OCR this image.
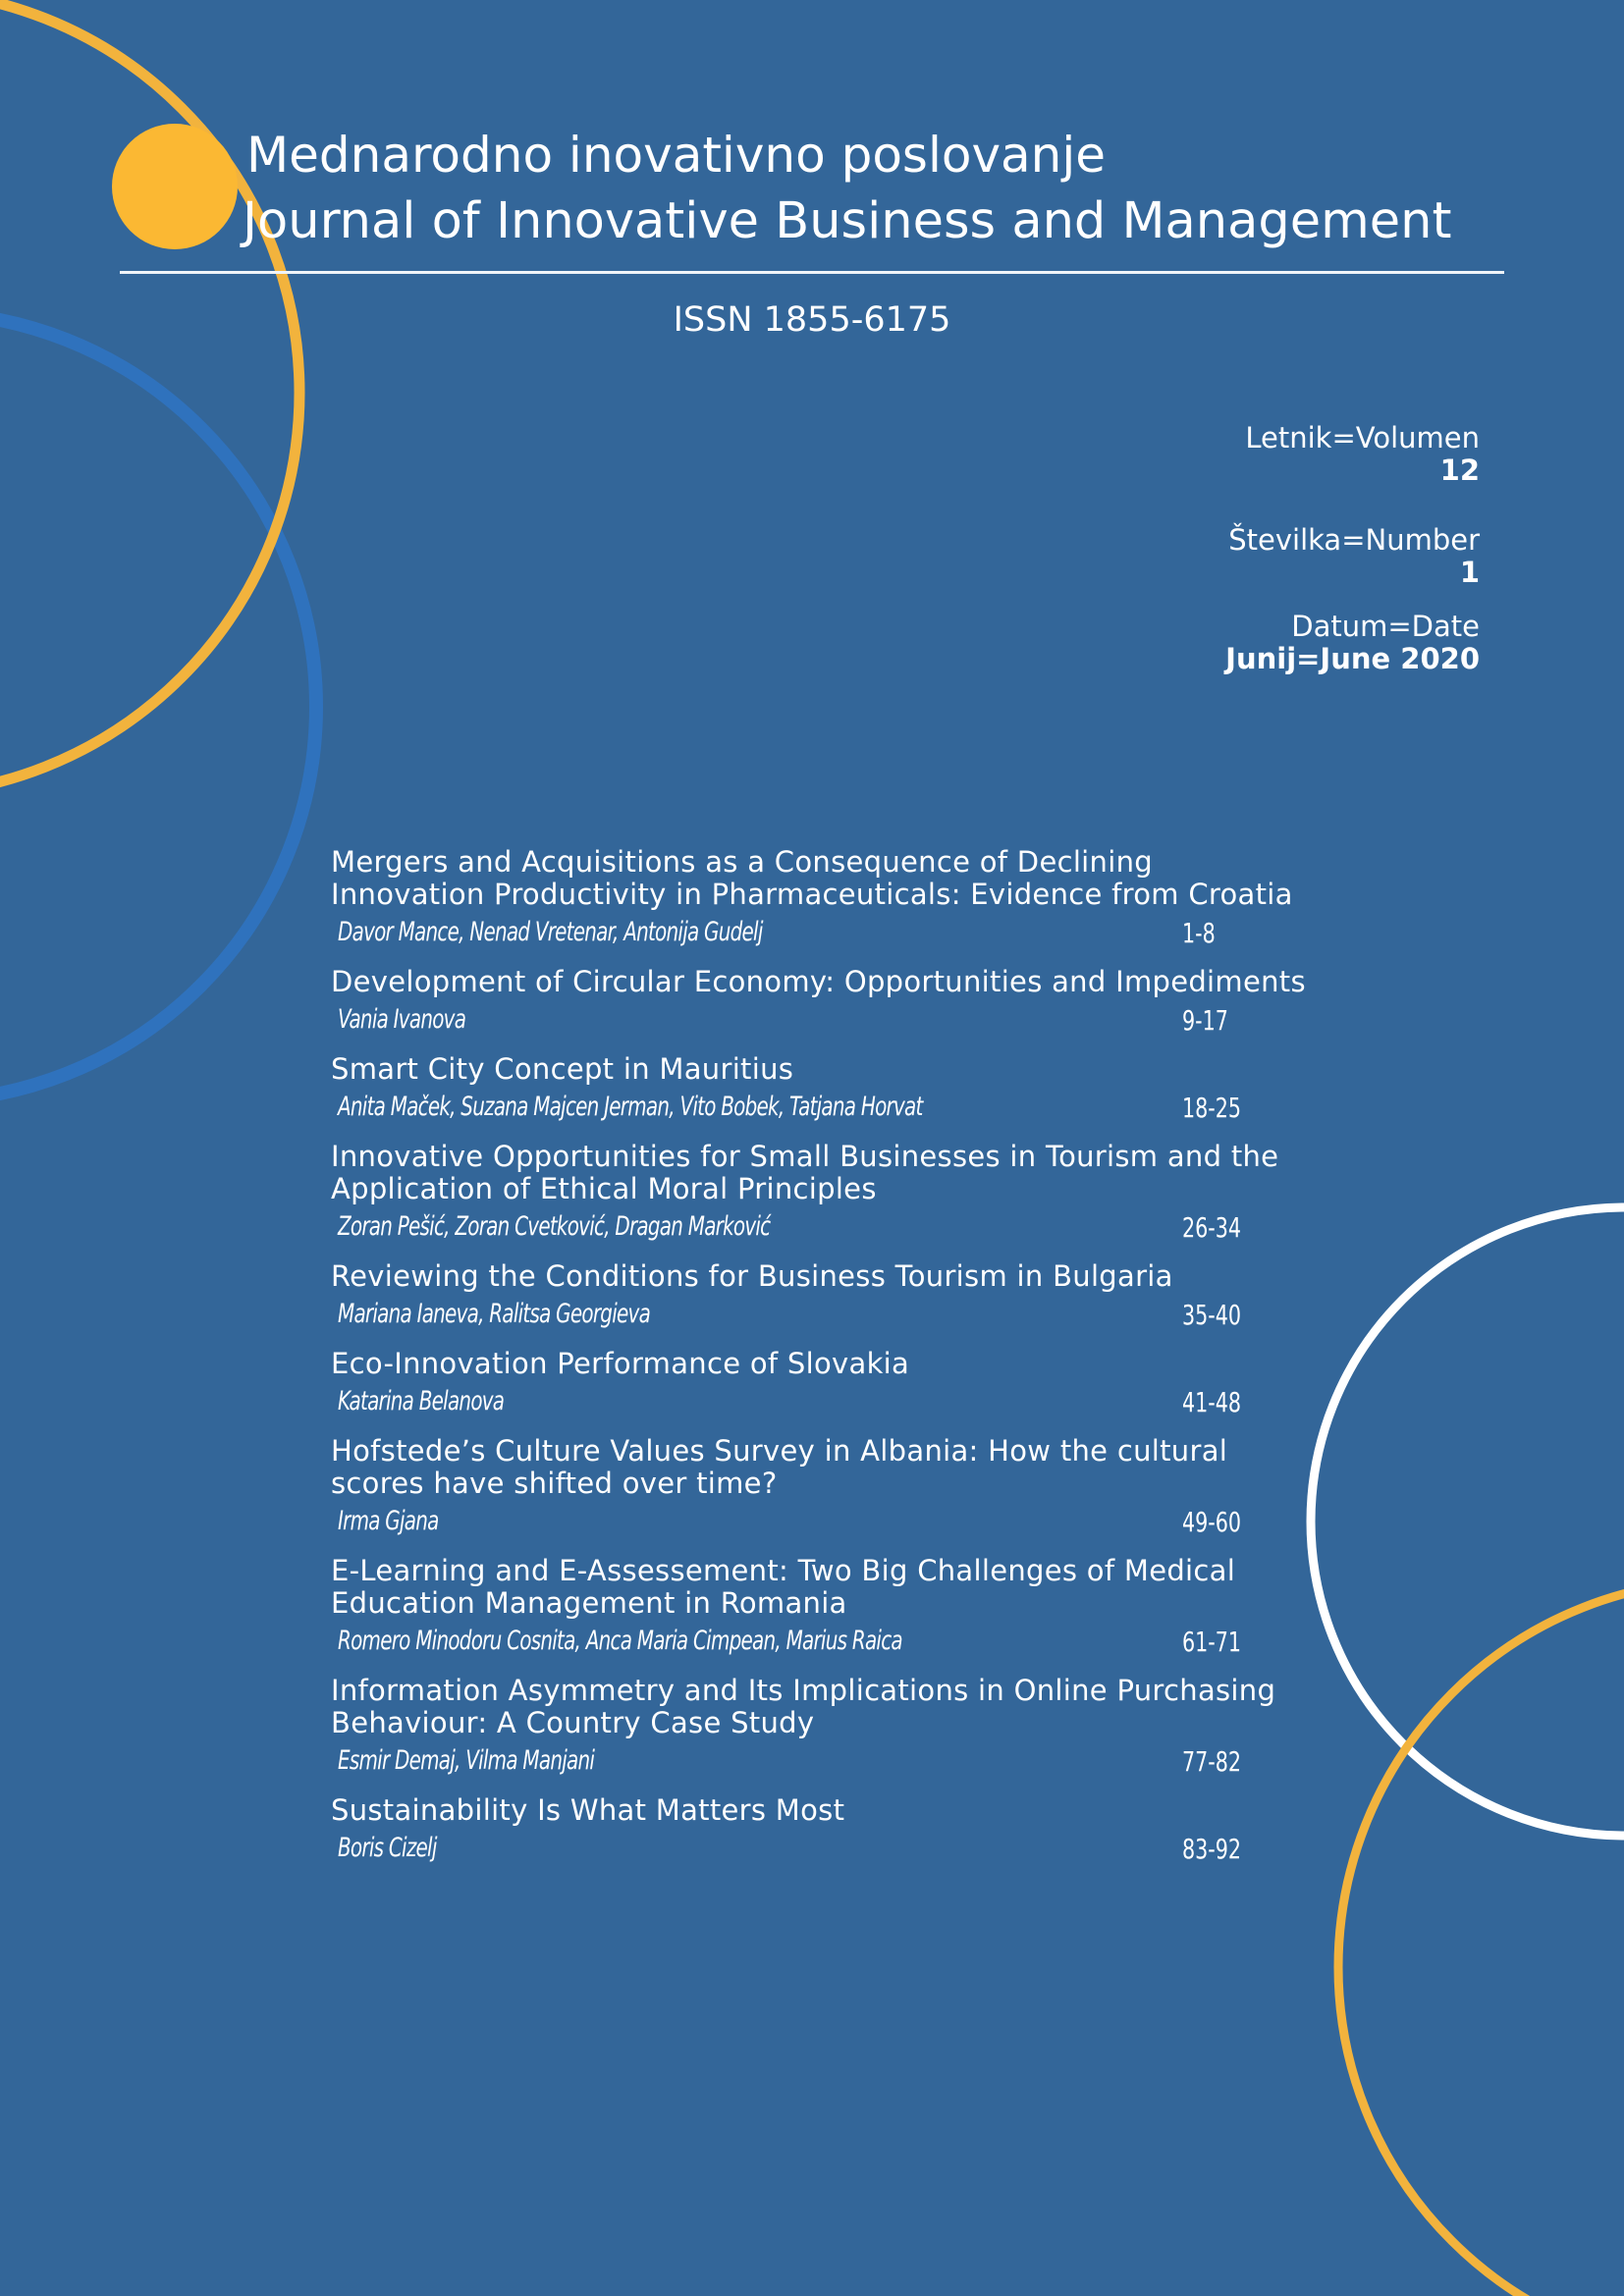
Mednarodno inovativno poslovanje
Journal of Innovative Business and Management
ISSN 1855-6175
Letnik=Volumen
12
Številka=Number
1
Datum=Date
Junij=June 2020
Mergers and Acquisitions as a Consequence of Declining Innovation Productivity in Pharmaceuticals: Evidence from Croatia
Davor Mance, Nenad Vretenar, Antonija Gudelj	1-8
Development of Circular Economy: Opportunities and Impediments
Vania Ivanova	9-17
Smart City Concept in Mauritius
Anita Maček, Suzana Majcen Jerman, Vito Bobek, Tatjana Horvat	18-25
Innovative Opportunities for Small Businesses in Tourism and the Application of Ethical Moral Principles
Zoran Pešić, Zoran Cvetković, Dragan Marković	26-34
Reviewing the Conditions for Business Tourism in Bulgaria
Mariana Ianeva, Ralitsa Georgieva	35-40
Eco-Innovation Performance of Slovakia
Katarina Belanova	41-48
Hofstede’s Culture Values Survey in Albania: How the cultural scores have shifted over time?
Irma Gjana	49-60
E-Learning and E-Assessement: Two Big Challenges of Medical Education Management in Romania
Romero Minodoru Cosnita, Anca Maria Cimpean, Marius Raica	61-71
Information Asymmetry and Its Implications in Online Purchasing Behaviour: A Country Case Study
Esmir Demaj, Vilma Manjani	77-82
Sustainability Is What Matters Most
Boris Cizelj	83-92
